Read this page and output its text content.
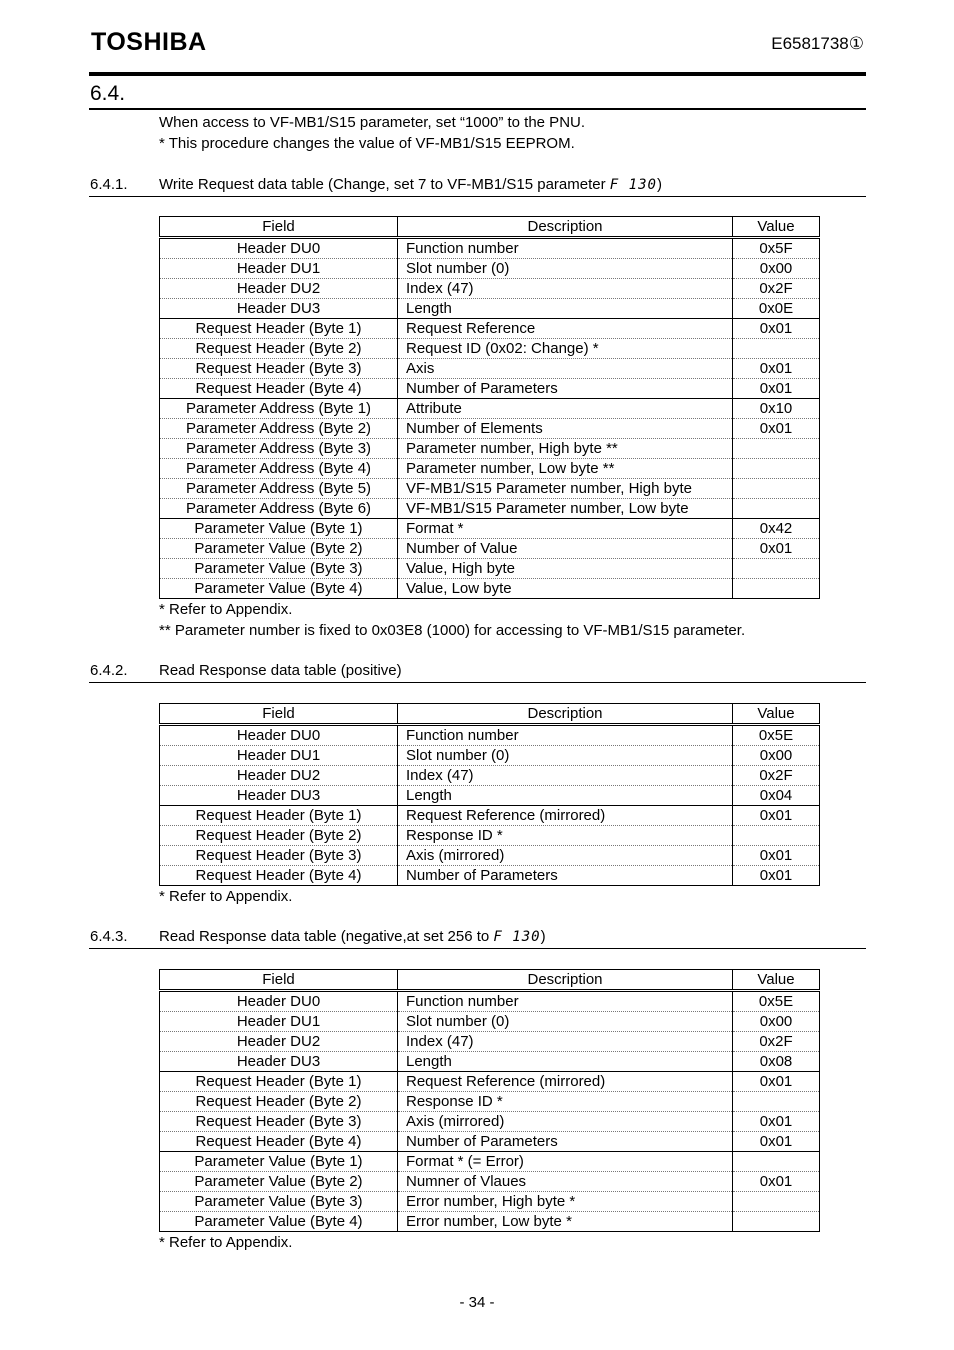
TOSHIBA	E6581738①
6.4.
When access to VF-MB1/S15 parameter, set “1000” to the PNU.
* This procedure changes the value of VF-MB1/S15 EEPROM.
6.4.1. Write Request data table (Change, set 7 to VF-MB1/S15 parameter F 130)
Field	Description	Value
Header DU0	Function number	0x5F
Header DU1	Slot number (0)	0x00
Header DU2	Index (47)	0x2F
Header DU3	Length	0x0E
Request Header (Byte 1)	Request Reference	0x01
Request Header (Byte 2)	Request ID (0x02: Change) *	
Request Header (Byte 3)	Axis	0x01
Request Header (Byte 4)	Number of Parameters	0x01
Parameter Address (Byte 1)	Attribute	0x10
Parameter Address (Byte 2)	Number of Elements	0x01
Parameter Address (Byte 3)	Parameter number, High byte **	
Parameter Address (Byte 4)	Parameter number, Low byte **	
Parameter Address (Byte 5)	VF-MB1/S15 Parameter number, High byte	
Parameter Address (Byte 6)	VF-MB1/S15 Parameter number, Low byte	
Parameter Value (Byte 1)	Format *	0x42
Parameter Value (Byte 2)	Number of Value	0x01
Parameter Value (Byte 3)	Value, High byte	
Parameter Value (Byte 4)	Value, Low byte	
* Refer to Appendix.
** Parameter number is fixed to 0x03E8 (1000) for accessing to VF-MB1/S15 parameter.
6.4.2. Read Response data table (positive)
Field	Description	Value
Header DU0	Function number	0x5E
Header DU1	Slot number (0)	0x00
Header DU2	Index (47)	0x2F
Header DU3	Length	0x04
Request Header (Byte 1)	Request Reference (mirrored)	0x01
Request Header (Byte 2)	Response ID *	
Request Header (Byte 3)	Axis (mirrored)	0x01
Request Header (Byte 4)	Number of Parameters	0x01
* Refer to Appendix.
6.4.3. Read Response data table (negative,at set 256 to F 130)
Field	Description	Value
Header DU0	Function number	0x5E
Header DU1	Slot number (0)	0x00
Header DU2	Index (47)	0x2F
Header DU3	Length	0x08
Request Header (Byte 1)	Request Reference (mirrored)	0x01
Request Header (Byte 2)	Response ID *	
Request Header (Byte 3)	Axis (mirrored)	0x01
Request Header (Byte 4)	Number of Parameters	0x01
Parameter Value (Byte 1)	Format * (= Error)	
Parameter Value (Byte 2)	Numner of Vlaues	0x01
Parameter Value (Byte 3)	Error number, High byte *	
Parameter Value (Byte 4)	Error number, Low byte *	
* Refer to Appendix.
- 34 -
